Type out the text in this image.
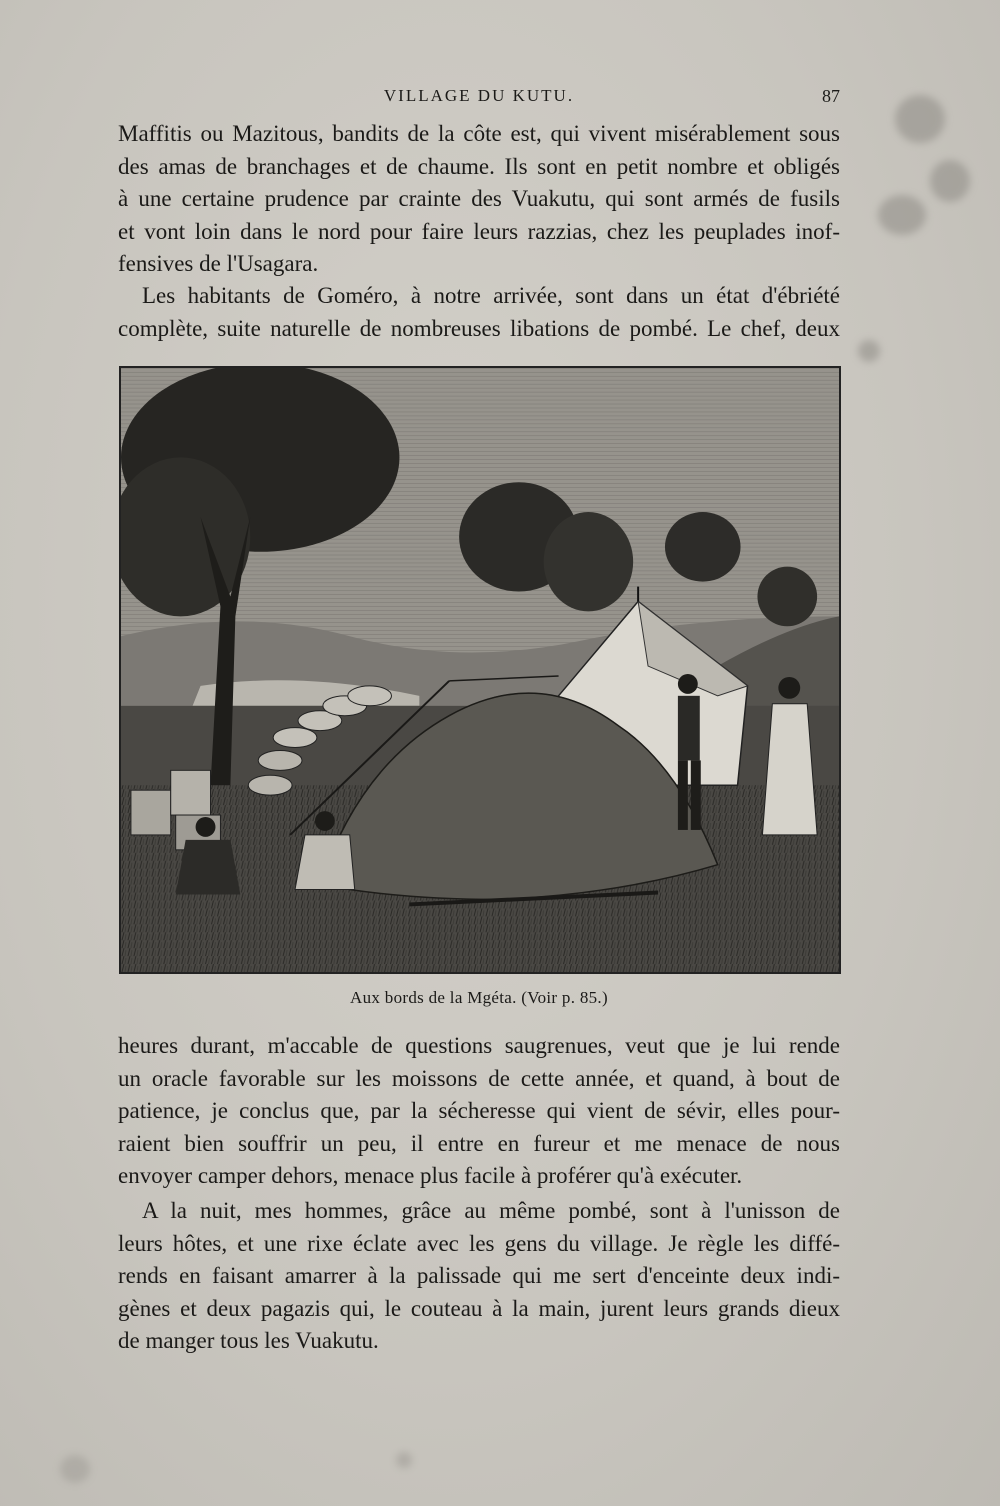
VILLAGE DU KUTU.	87

Maffitis ou Mazitous, bandits de la côte est, qui vivent misérablement sous
des amas de branchages et de chaume. Ils sont en petit nombre et obligés
à une certaine prudence par crainte des Vuakutu, qui sont armés de fusils
et vont loin dans le nord pour faire leurs razzias, chez les peuplades inof-
fensives de l'Usagara.

Les habitants de Goméro, à notre arrivée, sont dans un état d'ébriété
complète, suite naturelle de nombreuses libations de pombé. Le chef, deux

Aux bords de la Mgéta. (Voir p. 85.)

heures durant, m'accable de questions saugrenues, veut que je lui rende
un oracle favorable sur les moissons de cette année, et quand, à bout de
patience, je conclus que, par la sécheresse qui vient de sévir, elles pour-
raient bien souffrir un peu, il entre en fureur et me menace de nous
envoyer camper dehors, menace plus facile à proférer qu'à exécuter.

A la nuit, mes hommes, grâce au même pombé, sont à l'unisson de
leurs hôtes, et une rixe éclate avec les gens du village. Je règle les diffé-
rends en faisant amarrer à la palissade qui me sert d'enceinte deux indi-
gènes et deux pagazis qui, le couteau à la main, jurent leurs grands dieux
de manger tous les Vuakutu.
